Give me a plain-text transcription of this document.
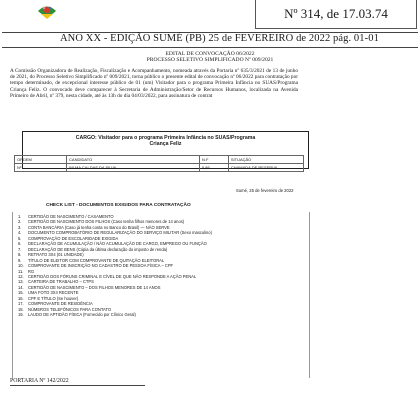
Nº 314, de 17.03.74
ANO XX - EDIÇÃO SUMÉ (PB) 25 de FEVEREIRO de 2022 pág. 01-01
EDITAL DE CONVOCAÇÃO 06/2022
PROCESSO SELETIVO SIMPLIFICADO Nº 009/2021
A Comissão Organizadora de Realização, Fiscalização e Acompanhamento, nomeada através da Portaria nº 635/3/2021 de 13 de junho de 2021, do Processo Seletivo Simplificado nº 009/2021, torna público o presente edital de convocação nº 06/2022 para contratação por tempo determinado, de excepcional interesse público de 01 (um) Visitador para o programa Primeira Infância no SUAS/Programa Criança Feliz. O convocado deve comparecer à Secretaria de Administração/Setor de Recursos Humanos, localizada na Avenida Primeiro de Abril, nº 379, nesta cidade, até às 13h do dia 04/03/2022, para assinatura de contrat
CARGO: Visitador para o programa Primeira Infância no SUAS/Programa
Criança Feliz
ORDEM	CANDIDATO	N.F	SITUAÇÃO
Nº	WLMA CALDAS DA SILVA	5,86	CHAMADA DE RESERVA
Sumé, 25 de fevereiro de 2022
CHECK LIST - DOCUMENTOS EXIGIDOS PARA CONTRATAÇÃO
1. CERTIDÃO DE NASCIMENTO / CASAMENTO
2. CERTIDÃO DE NASCIMENTO DOS FILHOS (Caso tenha filhos menores de 14 anos)
3. CONTA BANCÁRIA (Caso já tenha conta no Banco do Brasil) — NÃO SERVE
4. DOCUMENTO COMPROBATÓRIO DE REGULARIZAÇÃO DO SERVIÇO MILITAR (Sexo masculino)
5. COMPROVAÇÃO DE ESCOLARIDADE EXIGIDA
6. DECLARAÇÃO DE ACUMULAÇÃO / NÃO ACUMULAÇÃO DE CARGO, EMPREGO OU FUNÇÃO
7. DECLARAÇÃO DE BENS (Cópia da última declaração do imposto de renda)
8. RETRATO 3X4 (01 UNIDADE)
9. TÍTULO DE ELEITOR COM COMPROVANTE DE QUITAÇÃO ELEITORAL
10. COMPROVANTE DE INSCRIÇÃO NO CADASTRO DE PESSOA FÍSICA – CPF
11. RG
12. CERTIDÃO DOS FÓRUNS CRIMINAL E CÍVEL DE QUE NÃO RESPONDE A AÇÃO PENAL
13. CARTEIRA DE TRABALHO – CTPS
14. CERTIDÃO DE NASCIMENTO – DOS FILHOS MENORES DE 14 ANOS
15. UMA FOTO 3X4 RECENTE
16. CPF E TÍTULO (Se houver)
17. COMPROVANTE DE RESIDÊNCIA
18. NÚMEROS TELEFÔNICOS PARA CONTATO
19. LAUDO DE APTIDÃO FÍSICA (Fornecido por Clínico Geral)
PORTARIA Nº 142/2022
